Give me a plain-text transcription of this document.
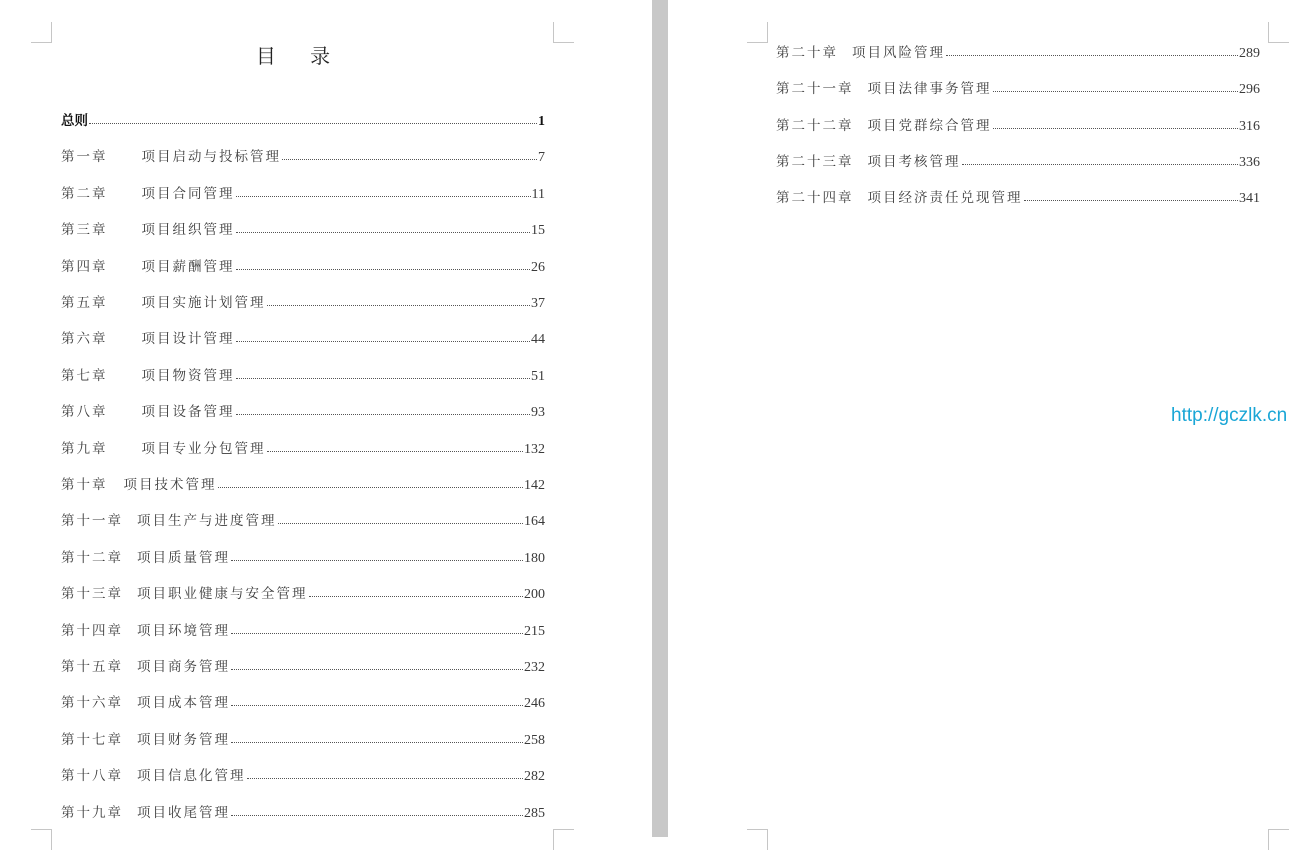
目 录
总则	1
第一章	项目启动与投标管理	7
第二章	项目合同管理	11
第三章	项目组织管理	15
第四章	项目薪酬管理	26
第五章	项目实施计划管理	37
第六章	项目设计管理	44
第七章	项目物资管理	51
第八章	项目设备管理	93
第九章	项目专业分包管理	132
第十章 项目技术管理	142
第十一章 项目生产与进度管理	164
第十二章 项目质量管理	180
第十三章 项目职业健康与安全管理	200
第十四章 项目环境管理	215
第十五章 项目商务管理	232
第十六章 项目成本管理	246
第十七章 项目财务管理	258
第十八章 项目信息化管理	282
第十九章 项目收尾管理	285
第二十章 项目风险管理	289
第二十一章 项目法律事务管理	296
第二十二章 项目党群综合管理	316
第二十三章 项目考核管理	336
第二十四章 项目经济责任兑现管理	341
http://gczlk.cn
